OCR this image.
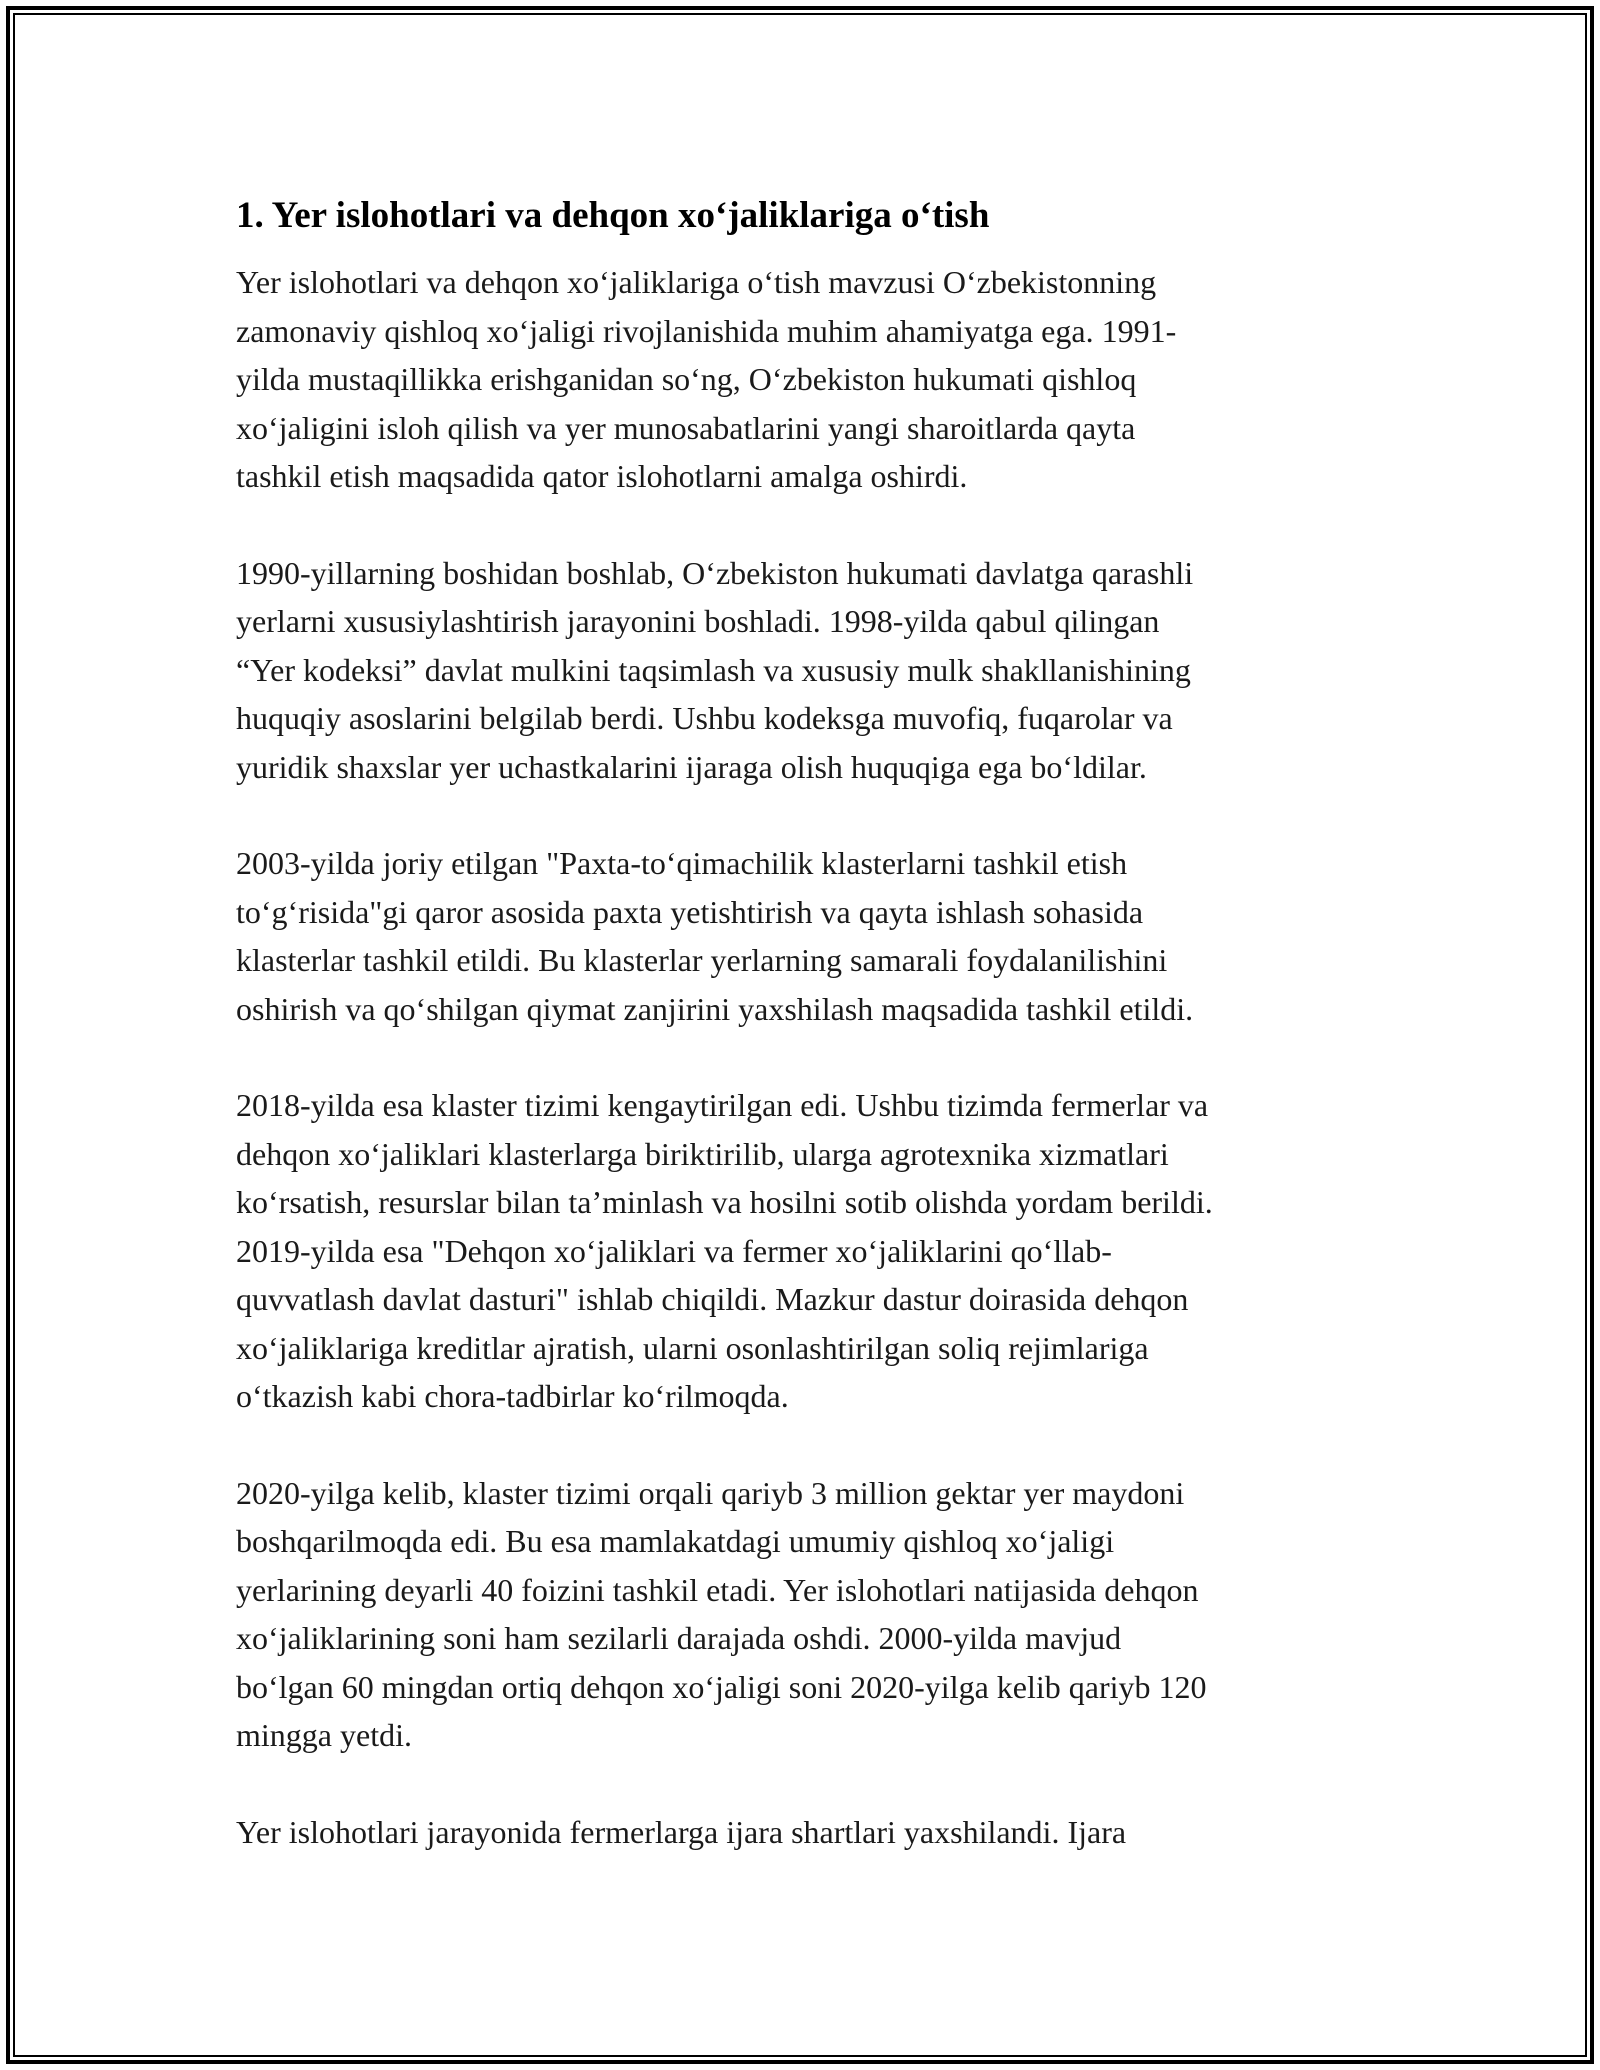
1. Yer islohotlari va dehqon xo‘jaliklariga o‘tish

Yer islohotlari va dehqon xo‘jaliklariga o‘tish mavzusi O‘zbekistonning
zamonaviy qishloq xo‘jaligi rivojlanishida muhim ahamiyatga ega. 1991-
yilda mustaqillikka erishganidan so‘ng, O‘zbekiston hukumati qishloq
xo‘jaligini isloh qilish va yer munosabatlarini yangi sharoitlarda qayta
tashkil etish maqsadida qator islohotlarni amalga oshirdi.

1990-yillarning boshidan boshlab, O‘zbekiston hukumati davlatga qarashli
yerlarni xususiylashtirish jarayonini boshladi. 1998-yilda qabul qilingan
“Yer kodeksi” davlat mulkini taqsimlash va xususiy mulk shakllanishining
huquqiy asoslarini belgilab berdi. Ushbu kodeksga muvofiq, fuqarolar va
yuridik shaxslar yer uchastkalarini ijaraga olish huquqiga ega bo‘ldilar.

2003-yilda joriy etilgan "Paxta-to‘qimachilik klasterlarni tashkil etish
to‘g‘risida"gi qaror asosida paxta yetishtirish va qayta ishlash sohasida
klasterlar tashkil etildi. Bu klasterlar yerlarning samarali foydalanilishini
oshirish va qo‘shilgan qiymat zanjirini yaxshilash maqsadida tashkil etildi.

2018-yilda esa klaster tizimi kengaytirilgan edi. Ushbu tizimda fermerlar va
dehqon xo‘jaliklari klasterlarga biriktirilib, ularga agrotexnika xizmatlari
ko‘rsatish, resurslar bilan ta’minlash va hosilni sotib olishda yordam berildi.
2019-yilda esa "Dehqon xo‘jaliklari va fermer xo‘jaliklarini qo‘llab-
quvvatlash davlat dasturi" ishlab chiqildi. Mazkur dastur doirasida dehqon
xo‘jaliklariga kreditlar ajratish, ularni osonlashtirilgan soliq rejimlariga
o‘tkazish kabi chora-tadbirlar ko‘rilmoqda.

2020-yilga kelib, klaster tizimi orqali qariyb 3 million gektar yer maydoni
boshqarilmoqda edi. Bu esa mamlakatdagi umumiy qishloq xo‘jaligi
yerlarining deyarli 40 foizini tashkil etadi. Yer islohotlari natijasida dehqon
xo‘jaliklarining soni ham sezilarli darajada oshdi. 2000-yilda mavjud
bo‘lgan 60 mingdan ortiq dehqon xo‘jaligi soni 2020-yilga kelib qariyb 120
mingga yetdi.

Yer islohotlari jarayonida fermerlarga ijara shartlari yaxshilandi. Ijara
